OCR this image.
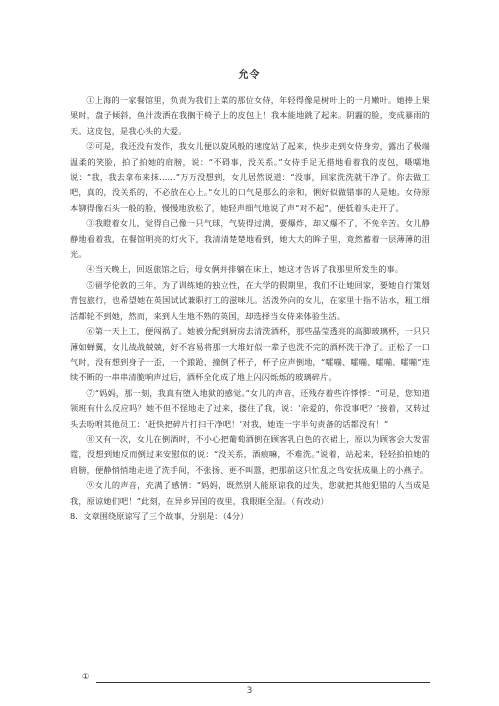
允令

①上海的一家餐馆里，负责为我们上菜的那位女侍，年轻得像是树叶上的一月嫩叶。她捧上果果时，盘子倾斜，鱼汁泼洒在我搁于椅子上的皮包上！我本能地跳了起来。阴霾的脸，变成暴雨的天。这皮包，是我心头的大爱。

②可是，我还没有发作，我女儿便以旋风般的速度站了起来，快步走到女侍身旁，露出了极端温柔的笑脸，拍了拍她的肩膀，说：“不碍事，没关系。”女侍手足无措地看着我的皮包，嗫嚅地说：“我，我去拿布来抹……”万万没想到，女儿居然说道：“没事，回家洗洗就干净了。你去做工吧，真的，没关系的，不必放在心上。”女儿的口气是那么的亲和，俐好似做错事的人是她。女侍原本铆得像石头一般的脸，慢慢地放松了，她轻声细气地说了声“对不起”，便低着头走开了。

③我瞪着女儿，觉得自己像一只气球，气装得过满，要爆炸，却又爆不了，不免辛苦。女儿静静地看着我，在餐馆明亮的灯火下，我清清楚楚地看到，她大大的眸子里，竟然蓄着一层薄薄的泪光。

④当天晚上，回返旅馆之后，母女俩并排躺在床上，她这才告诉了我那里所发生的事。

⑤留学伦敦的三年，为了训练她的独立性，在大学的假期里，我们不让她回家，要她自行策划背包旅行，也希望她在英国试试兼职打工的滋味儿。活泼外向的女儿，在家里十指不沾水，粗工细活都轮不到她，然而，来到人生地不熟的英国，却选择当女侍来体验生活。

⑥第一天上工，便闯祸了。她被分配到厨房去清洗酒杯，那些晶莹透亮的高脚玻璃杯，一只只薄如蝉翼，女儿战战兢兢，好不容易将那一大堆好似一辈子也洗不完的酒杯洗干净了。正松了一口气时，没有想到身子一歪，一个踉跄，撞倒了杯子，杯子应声倒地，“嚯嘣、嚯嘣、嚯嘣、嚯嘣”连续不断的一串串清脆响声过后，酒杯全化成了地上闪闪烁烁的玻璃碎片。

⑦“妈妈，那一刻，我真有堕入地狱的感觉。”女儿的声音，还残存着些许悸悸：“可是，您知道领班有什么反应吗？她不但不怪地走了过来，搂住了我，说：‘亲爱的，你没事吧？’接着，又转过头去吩咐其他员工：‘赶快把碎片打扫干净吧！’对我，她连一字半句责备的话都没有！”

⑧又有一次，女儿在倒酒时，不小心把葡萄酒倒在顾客乳白色的衣裙上，原以为顾客会大发雷霆，没想到她反而倒过来安慰似的说：“没关系，酒痕嘛，不难洗。”说着，站起来，轻轻拍拍她的肩膀，便静悄悄地走进了洗手间，不张扬、更不叫嚣，把那前这只忙乱之鸟安抚成巢上的小燕子。

⑨女儿的声音，充满了感情：“妈妈，既然别人能原谅我的过失，您就把其他犯错的人当成是我，原谅她们吧！”此刻，在异乡异国的夜里，我眼眶全湿。（有改动）

8．文章围绕原谅写了三个故事，分别是：（4分）

①
3
